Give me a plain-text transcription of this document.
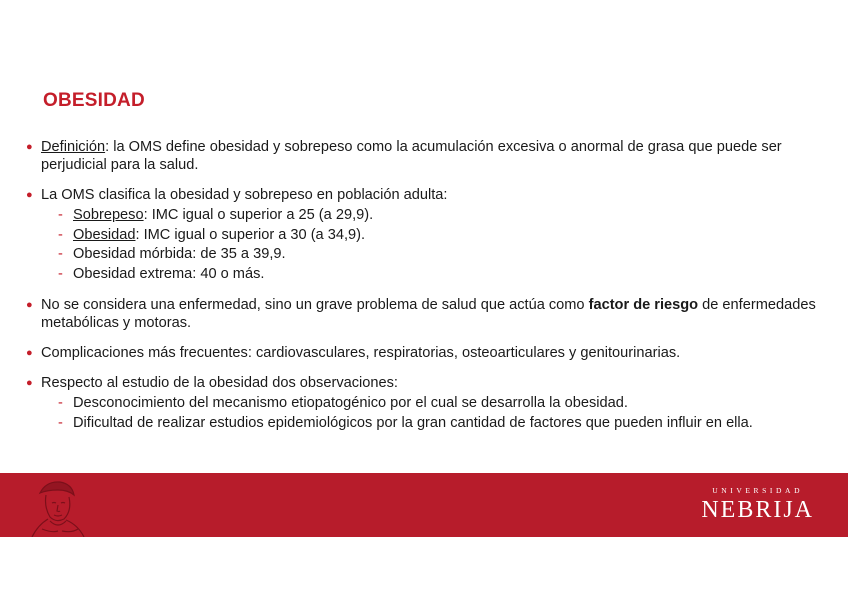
OBESIDAD
● Definición: la OMS define obesidad y sobrepeso como la acumulación excesiva o anormal de grasa que puede ser perjudicial para la salud.
● La OMS clasifica la obesidad y sobrepeso en población adulta:
- Sobrepeso: IMC igual o superior a 25 (a 29,9).
- Obesidad: IMC igual o superior a 30 (a 34,9).
- Obesidad mórbida: de 35 a 39,9.
- Obesidad extrema: 40 o más.
● No se considera una enfermedad, sino un grave problema de salud que actúa como factor de riesgo de enfermedades metabólicas y motoras.
● Complicaciones más frecuentes: cardiovasculares, respiratorias, osteoarticulares y genitourinarias.
● Respecto al estudio de la obesidad dos observaciones:
- Desconocimiento del mecanismo etiopatogénico por el cual se desarrolla la obesidad.
- Dificultad de realizar estudios epidemiológicos por la gran cantidad de factores que pueden influir en ella.
UNIVERSIDAD
NEBRIJA
